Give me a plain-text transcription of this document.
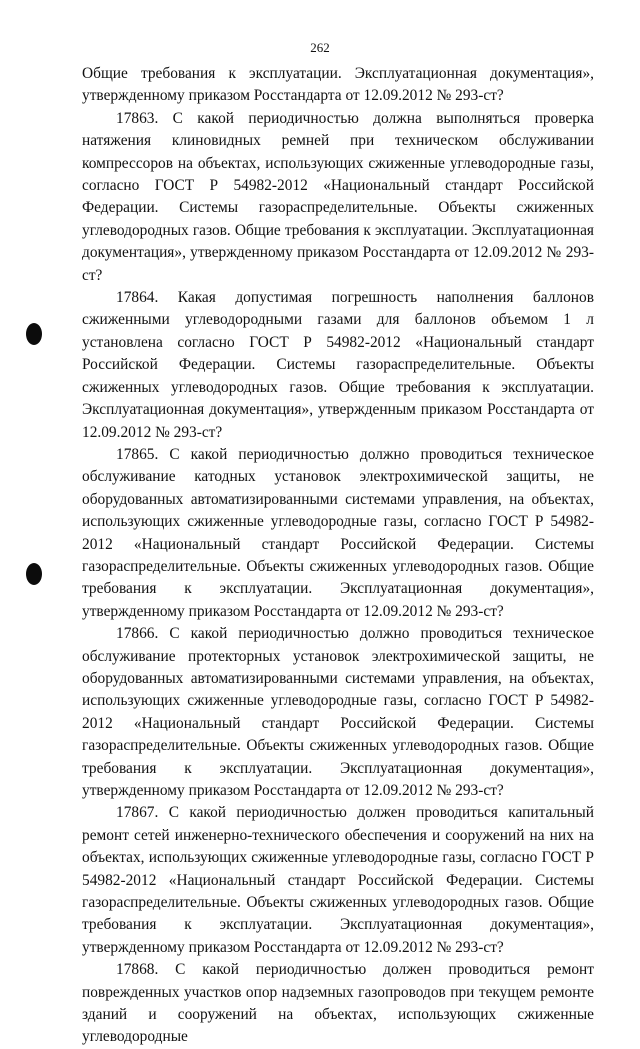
262

Общие требования к эксплуатации. Эксплуатационная документация», утвержденному приказом Росстандарта от 12.09.2012 № 293-ст?

17863. С какой периодичностью должна выполняться проверка натяжения клиновидных ремней при техническом обслуживании компрессоров на объектах, использующих сжиженные углеводородные газы, согласно ГОСТ Р 54982-2012 «Национальный стандарт Российской Федерации. Системы газораспределительные. Объекты сжиженных углеводородных газов. Общие требования к эксплуатации. Эксплуатационная документация», утвержденному приказом Росстандарта от 12.09.2012 № 293-ст?

17864. Какая допустимая погрешность наполнения баллонов сжиженными углеводородными газами для баллонов объемом 1 л установлена согласно ГОСТ Р 54982-2012 «Национальный стандарт Российской Федерации. Системы газораспределительные. Объекты сжиженных углеводородных газов. Общие требования к эксплуатации. Эксплуатационная документация», утвержденным приказом Росстандарта от 12.09.2012 № 293-ст?

17865. С какой периодичностью должно проводиться техническое обслуживание катодных установок электрохимической защиты, не оборудованных автоматизированными системами управления, на объектах, использующих сжиженные углеводородные газы, согласно ГОСТ Р 54982-2012 «Национальный стандарт Российской Федерации. Системы газораспределительные. Объекты сжиженных углеводородных газов. Общие требования к эксплуатации. Эксплуатационная документация», утвержденному приказом Росстандарта от 12.09.2012 № 293-ст?

17866. С какой периодичностью должно проводиться техническое обслуживание протекторных установок электрохимической защиты, не оборудованных автоматизированными системами управления, на объектах, использующих сжиженные углеводородные газы, согласно ГОСТ Р 54982-2012 «Национальный стандарт Российской Федерации. Системы газораспределительные. Объекты сжиженных углеводородных газов. Общие требования к эксплуатации. Эксплуатационная документация», утвержденному приказом Росстандарта от 12.09.2012 № 293-ст?

17867. С какой периодичностью должен проводиться капитальный ремонт сетей инженерно-технического обеспечения и сооружений на них на объектах, использующих сжиженные углеводородные газы, согласно ГОСТ Р 54982-2012 «Национальный стандарт Российской Федерации. Системы газораспределительные. Объекты сжиженных углеводородных газов. Общие требования к эксплуатации. Эксплуатационная документация», утвержденному приказом Росстандарта от 12.09.2012 № 293-ст?

17868. С какой периодичностью должен проводиться ремонт поврежденных участков опор надземных газопроводов при текущем ремонте зданий и сооружений на объектах, использующих сжиженные углеводородные
